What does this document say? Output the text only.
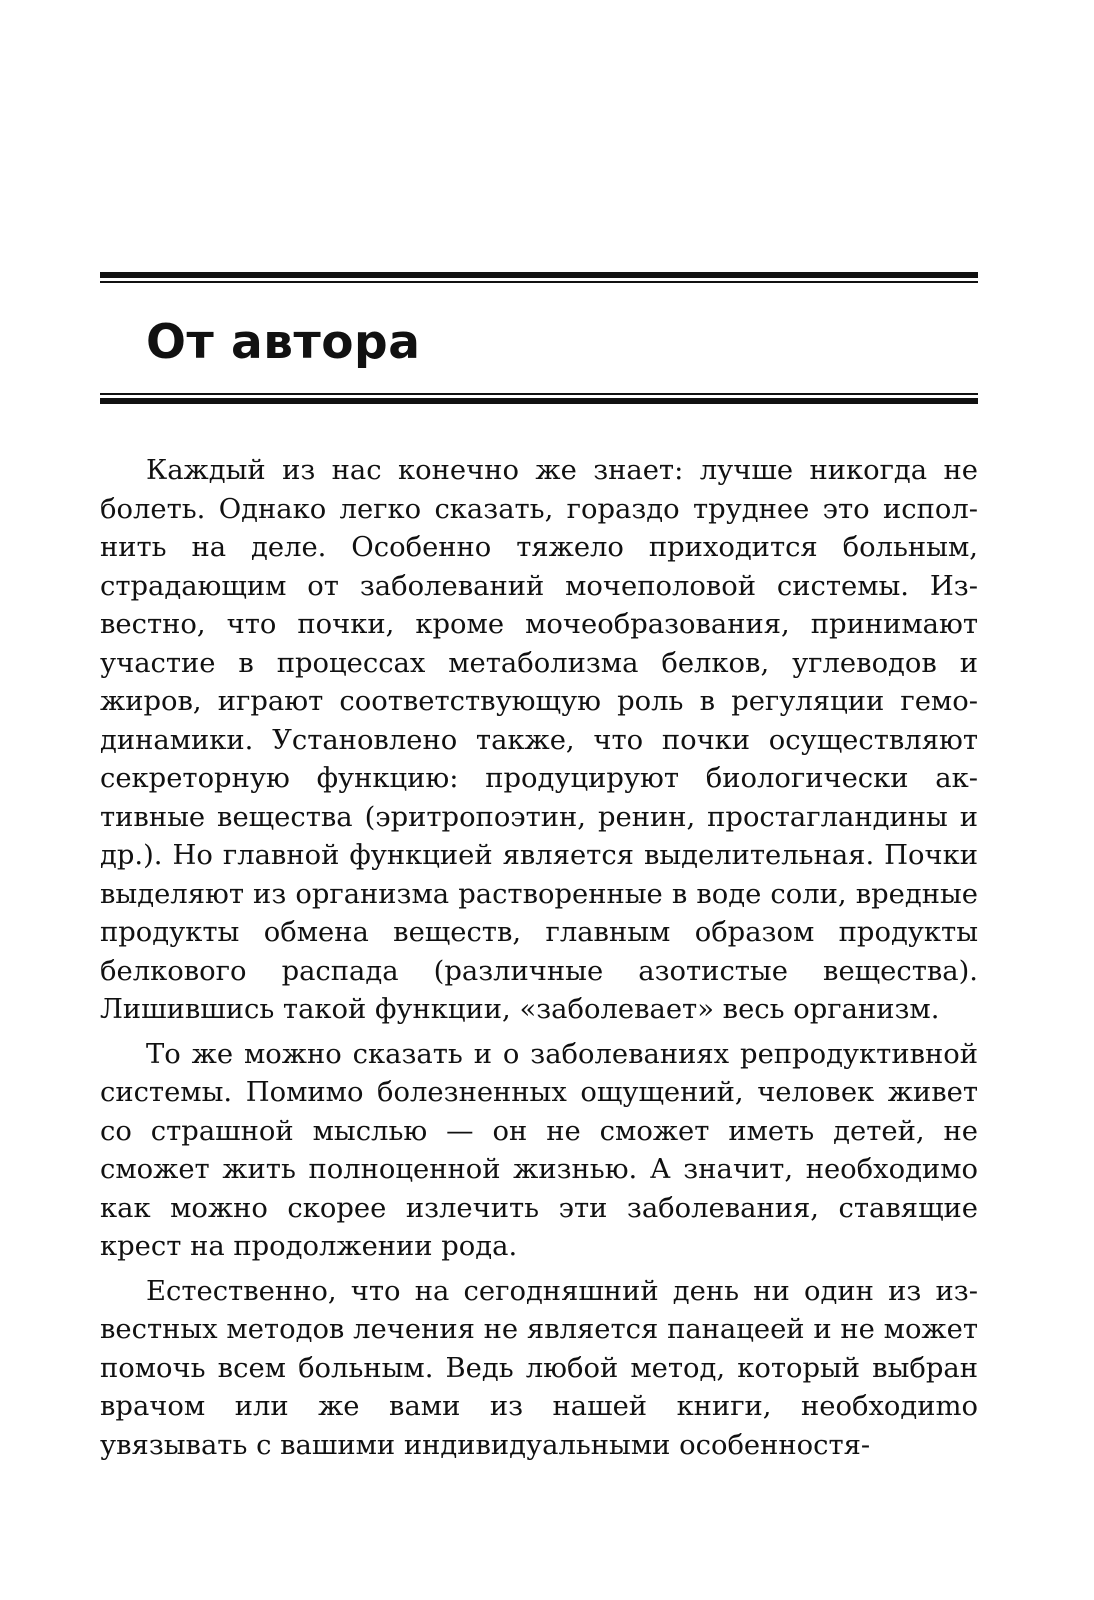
От автора

Каждый из нас конечно же знает: лучше никогда не болеть. Однако легко сказать, гораздо труднее это исполнить на деле. Особенно тяжело приходится больным, страдающим от заболеваний мочеполовой системы. Известно, что почки, кроме мочеобразования, принимают участие в процессах метаболизма белков, углеводов и жиров, играют соответствующую роль в регуляции гемодинамики. Установлено также, что почки осуществляют секреторную функцию: продуцируют биологически активные вещества (эритропоэтин, ренин, простагландины и др.). Но главной функцией является выделительная. Почки выделяют из организма растворенные в воде соли, вредные продукты обмена веществ, главным образом продукты белкового распада (различные азотистые вещества). Лишившись такой функции, «заболевает» весь организм.

То же можно сказать и о заболеваниях репродуктивной системы. Помимо болезненных ощущений, человек живет со страшной мыслью — он не сможет иметь детей, не сможет жить полноценной жизнью. А значит, необходимо как можно скорее излечить эти заболевания, ставящие крест на продолжении рода.

Естественно, что на сегодняшний день ни один из известных методов лечения не является панацеей и не может помочь всем больным. Ведь любой метод, который выбран врачом или же вами из нашей книги, необходиmo увязывать с вашими индивидуальными особенностя-
